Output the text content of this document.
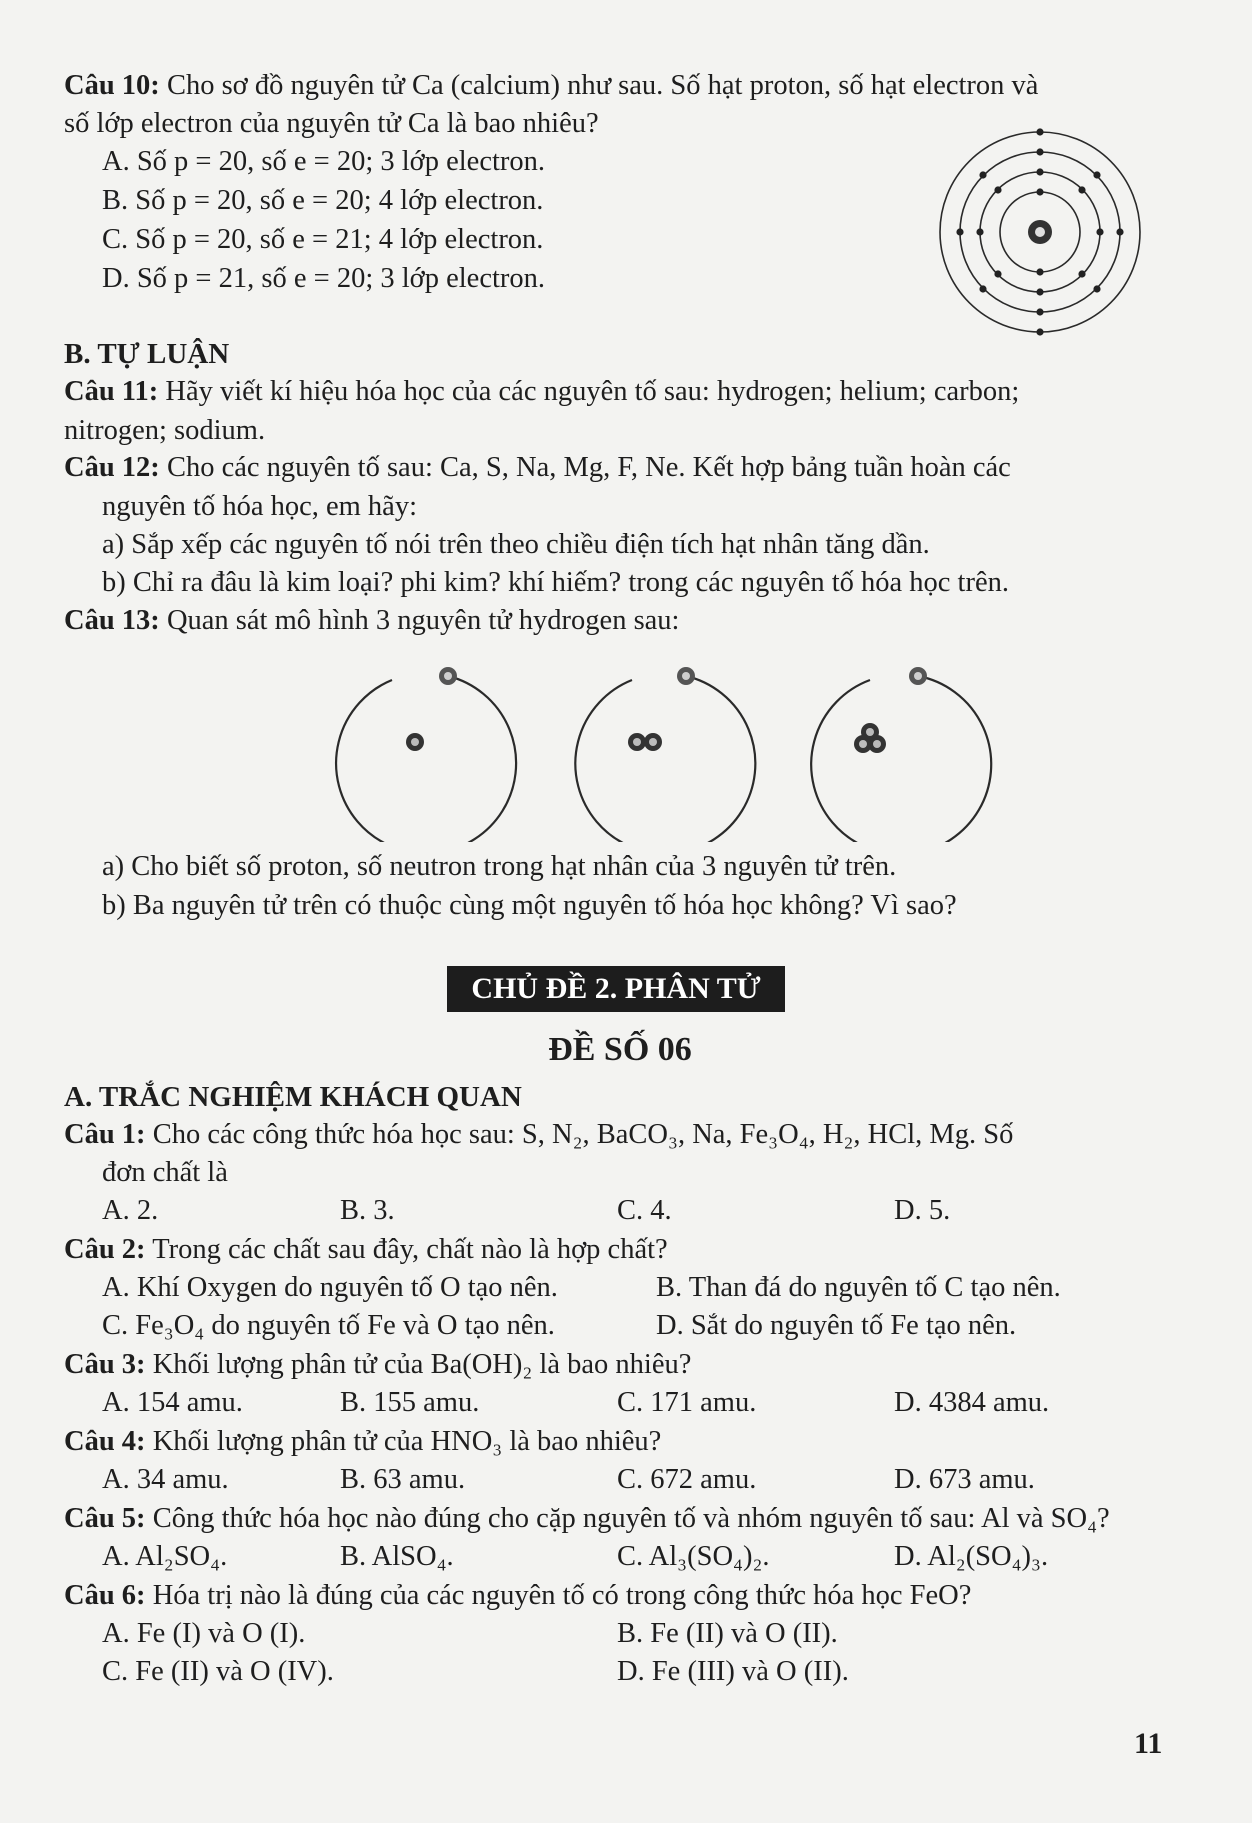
Câu 10: Cho sơ đồ nguyên tử Ca (calcium) như sau. Số hạt proton, số hạt electron và
số lớp electron của nguyên tử Ca là bao nhiêu?
A. Số p = 20, số e = 20; 3 lớp electron.
B. Số p = 20, số e = 20; 4 lớp electron.
C. Số p = 20, số e = 21; 4 lớp electron.
D. Số p = 21, số e = 20; 3 lớp electron.
B. TỰ LUẬN
Câu 11: Hãy viết kí hiệu hóa học của các nguyên tố sau: hydrogen; helium; carbon;
nitrogen; sodium.
Câu 12: Cho các nguyên tố sau: Ca, S, Na, Mg, F, Ne. Kết hợp bảng tuần hoàn các
nguyên tố hóa học, em hãy:
a) Sắp xếp các nguyên tố nói trên theo chiều điện tích hạt nhân tăng dần.
b) Chỉ ra đâu là kim loại? phi kim? khí hiếm? trong các nguyên tố hóa học trên.
Câu 13: Quan sát mô hình 3 nguyên tử hydrogen sau:
a) Cho biết số proton, số neutron trong hạt nhân của 3 nguyên tử trên.
b) Ba nguyên tử trên có thuộc cùng một nguyên tố hóa học không? Vì sao?
CHỦ ĐỀ 2. PHÂN TỬ
ĐỀ SỐ 06
A. TRẮC NGHIỆM KHÁCH QUAN
Câu 1: Cho các công thức hóa học sau: S, N₂, BaCO₃, Na, Fe₃O₄, H₂, HCl, Mg. Số
đơn chất là
A. 2.	B. 3.	C. 4.	D. 5.
Câu 2: Trong các chất sau đây, chất nào là hợp chất?
A. Khí Oxygen do nguyên tố O tạo nên.	B. Than đá do nguyên tố C tạo nên.
C. Fe₃O₄ do nguyên tố Fe và O tạo nên.	D. Sắt do nguyên tố Fe tạo nên.
Câu 3: Khối lượng phân tử của Ba(OH)₂ là bao nhiêu?
A. 154 amu.	B. 155 amu.	C. 171 amu.	D. 4384 amu.
Câu 4: Khối lượng phân tử của HNO₃ là bao nhiêu?
A. 34 amu.	B. 63 amu.	C. 672 amu.	D. 673 amu.
Câu 5: Công thức hóa học nào đúng cho cặp nguyên tố và nhóm nguyên tố sau: Al và SO₄?
A. Al₂SO₄.	B. AlSO₄.	C. Al₃(SO₄)₂.	D. Al₂(SO₄)₃.
Câu 6: Hóa trị nào là đúng của các nguyên tố có trong công thức hóa học FeO?
A. Fe (I) và O (I).	B. Fe (II) và O (II).
C. Fe (II) và O (IV).	D. Fe (III) và O (II).
11
